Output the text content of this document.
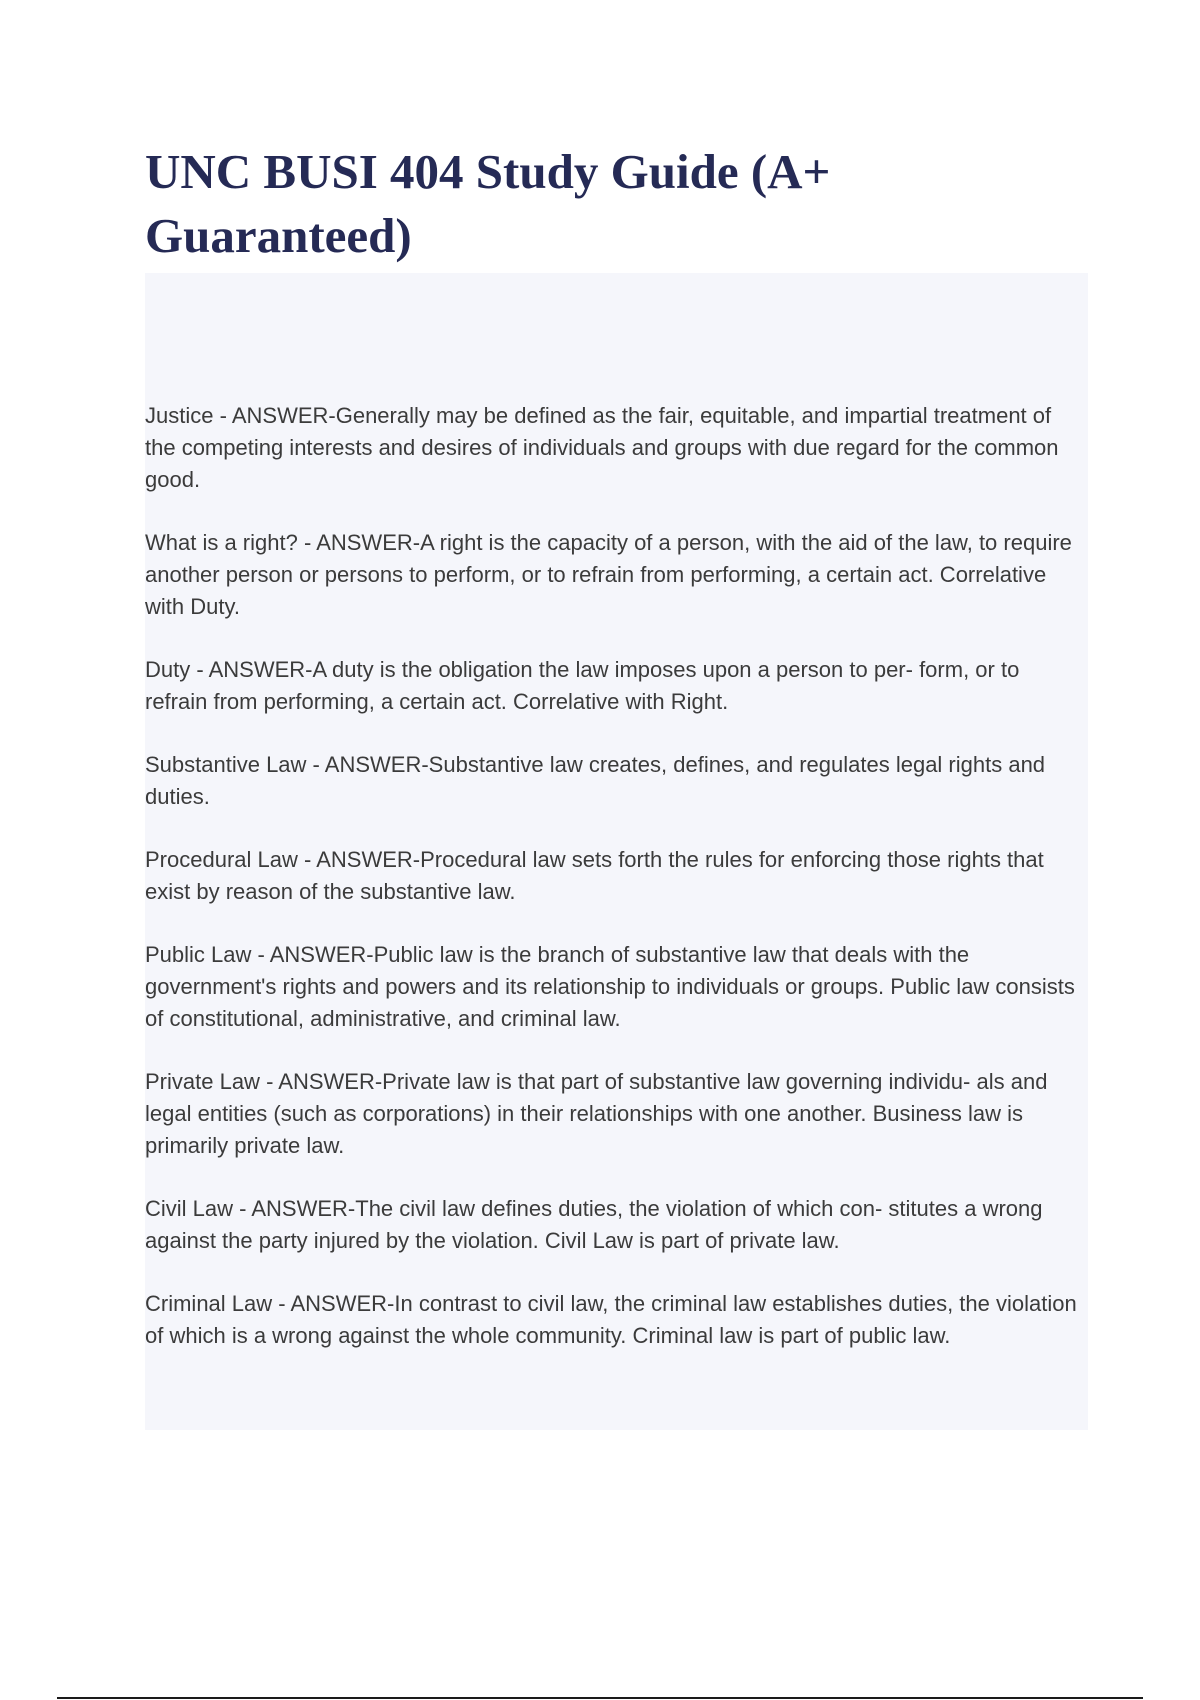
UNC BUSI 404 Study Guide (A+ Guaranteed)

Justice - ANSWER-Generally may be defined as the fair, equitable, and impartial treatment of the competing interests and desires of individuals and groups with due regard for the common good.

What is a right? - ANSWER-A right is the capacity of a person, with the aid of the law, to require another person or persons to perform, or to refrain from performing, a certain act. Correlative with Duty.

Duty - ANSWER-A duty is the obligation the law imposes upon a person to per- form, or to refrain from performing, a certain act. Correlative with Right.

Substantive Law - ANSWER-Substantive law creates, defines, and regulates legal rights and duties.

Procedural Law - ANSWER-Procedural law sets forth the rules for enforcing those rights that exist by reason of the substantive law.

Public Law - ANSWER-Public law is the branch of substantive law that deals with the government's rights and powers and its relationship to individuals or groups. Public law consists of constitutional, administrative, and criminal law.

Private Law - ANSWER-Private law is that part of substantive law governing individu- als and legal entities (such as corporations) in their relationships with one another. Business law is primarily private law.

Civil Law - ANSWER-The civil law defines duties, the violation of which con- stitutes a wrong against the party injured by the violation. Civil Law is part of private law.

Criminal Law - ANSWER-In contrast to civil law, the criminal law establishes duties, the violation of which is a wrong against the whole community. Criminal law is part of public law.
